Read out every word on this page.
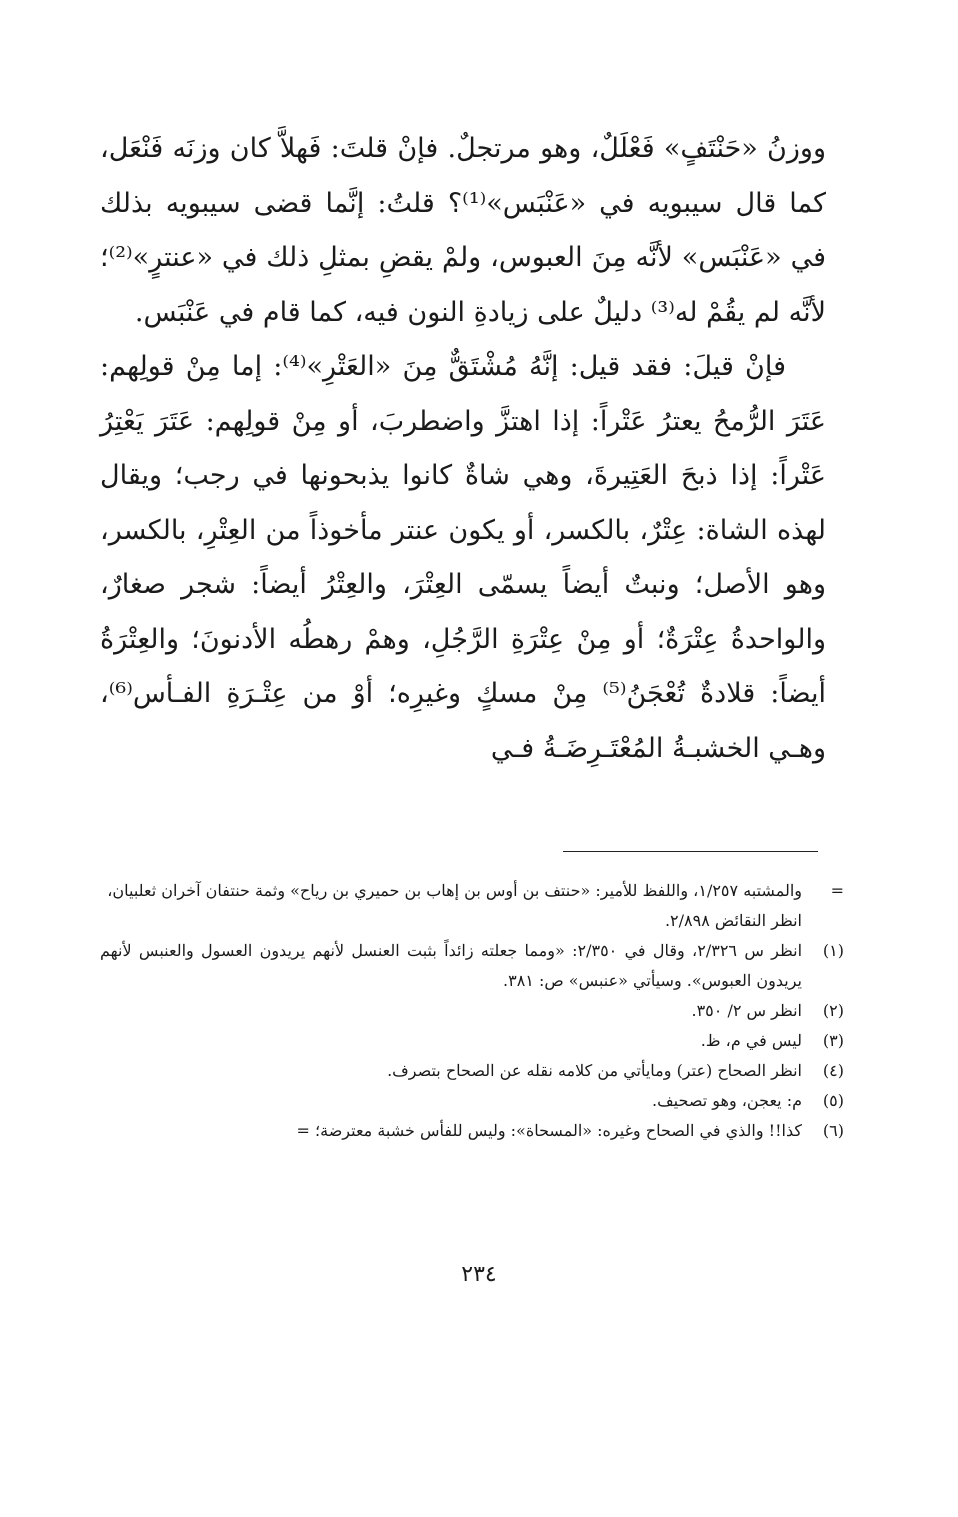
ووزنُ «حَنْتَفٍ» فَعْلَلٌ، وهو مرتجلٌ. فإنْ قلتَ: فَهلاَّ كان وزنَه فَنْعَل، كما قال سيبويه في «عَنْبَس»⁽¹⁾؟ قلتُ: إنَّما قضى سيبويه بذلك في «عَنْبَس» لأنَّه مِنَ العبوس، ولمْ يقضِ بمثلِ ذلك في «عنترٍ»⁽²⁾؛ لأنَّه لم يقُمْ له⁽³⁾ دليلٌ على زيادةِ النون فيه، كما قام في عَنْبَس.

فإنْ قيلَ: فقد قيل: إنَّهُ مُشْتَقٌّ مِنَ «العَتْرِ»⁽⁴⁾: إما مِنْ قولِهم: عَتَرَ الرُّمحُ يعترُ عَتْراً: إذا اهتزَّ واضطربَ، أو مِنْ قولِهم: عَتَرَ يَعْتِرُ عَتْراً: إذا ذبحَ العَتِيرةَ، وهي شاةٌ كانوا يذبحونها في رجب؛ ويقال لهذه الشاة: عِتْرٌ، بالكسر، أو يكون عنتر مأخوذاً من العِتْرِ، بالكسر، وهو الأصل؛ ونبتٌ أيضاً يسمّى العِتْرَ، والعِتْرُ أيضاً: شجر صغارٌ، والواحدةُ عِتْرَةٌ؛ أو مِنْ عِتْرَةِ الرَّجُلِ، وهمْ رهطُه الأدنونَ؛ والعِتْرَةُ أيضاً: قلادةٌ تُعْجَنُ⁽⁵⁾ مِنْ مسكٍ وغيرِه؛ أوْ من عِتْـرَةِ الفـأس⁽⁶⁾، وهـي الخشبـةُ المُعْتَـرِضَـةُ فـي

=
والمشتبه ١/٢٥٧، واللفظ للأمير: «حنتف بن أوس بن إهاب بن حميري بن رياح» وثمة حنتفان آخران ثعلبيان، انظر النقائض ٢/٨٩٨.
(١)
انظر س ٢/٣٢٦، وقال في ٢/٣٥٠: «ومما جعلته زائداً بثبت العنسل لأنهم يريدون العسول والعنبس لأنهم يريدون العبوس». وسيأتي «عنبس» ص: ٣٨١.
(٢)
انظر س ٢/ ٣٥٠.
(٣)
ليس في م، ظ.
(٤)
انظر الصحاح (عتر) ومايأتي من كلامه نقله عن الصحاح بتصرف.
(٥)
م: يعجن، وهو تصحيف.
(٦)
كذا!! والذي في الصحاح وغيره: «المسحاة»: وليس للفأس خشبة معترضة؛ =
٢٣٤
